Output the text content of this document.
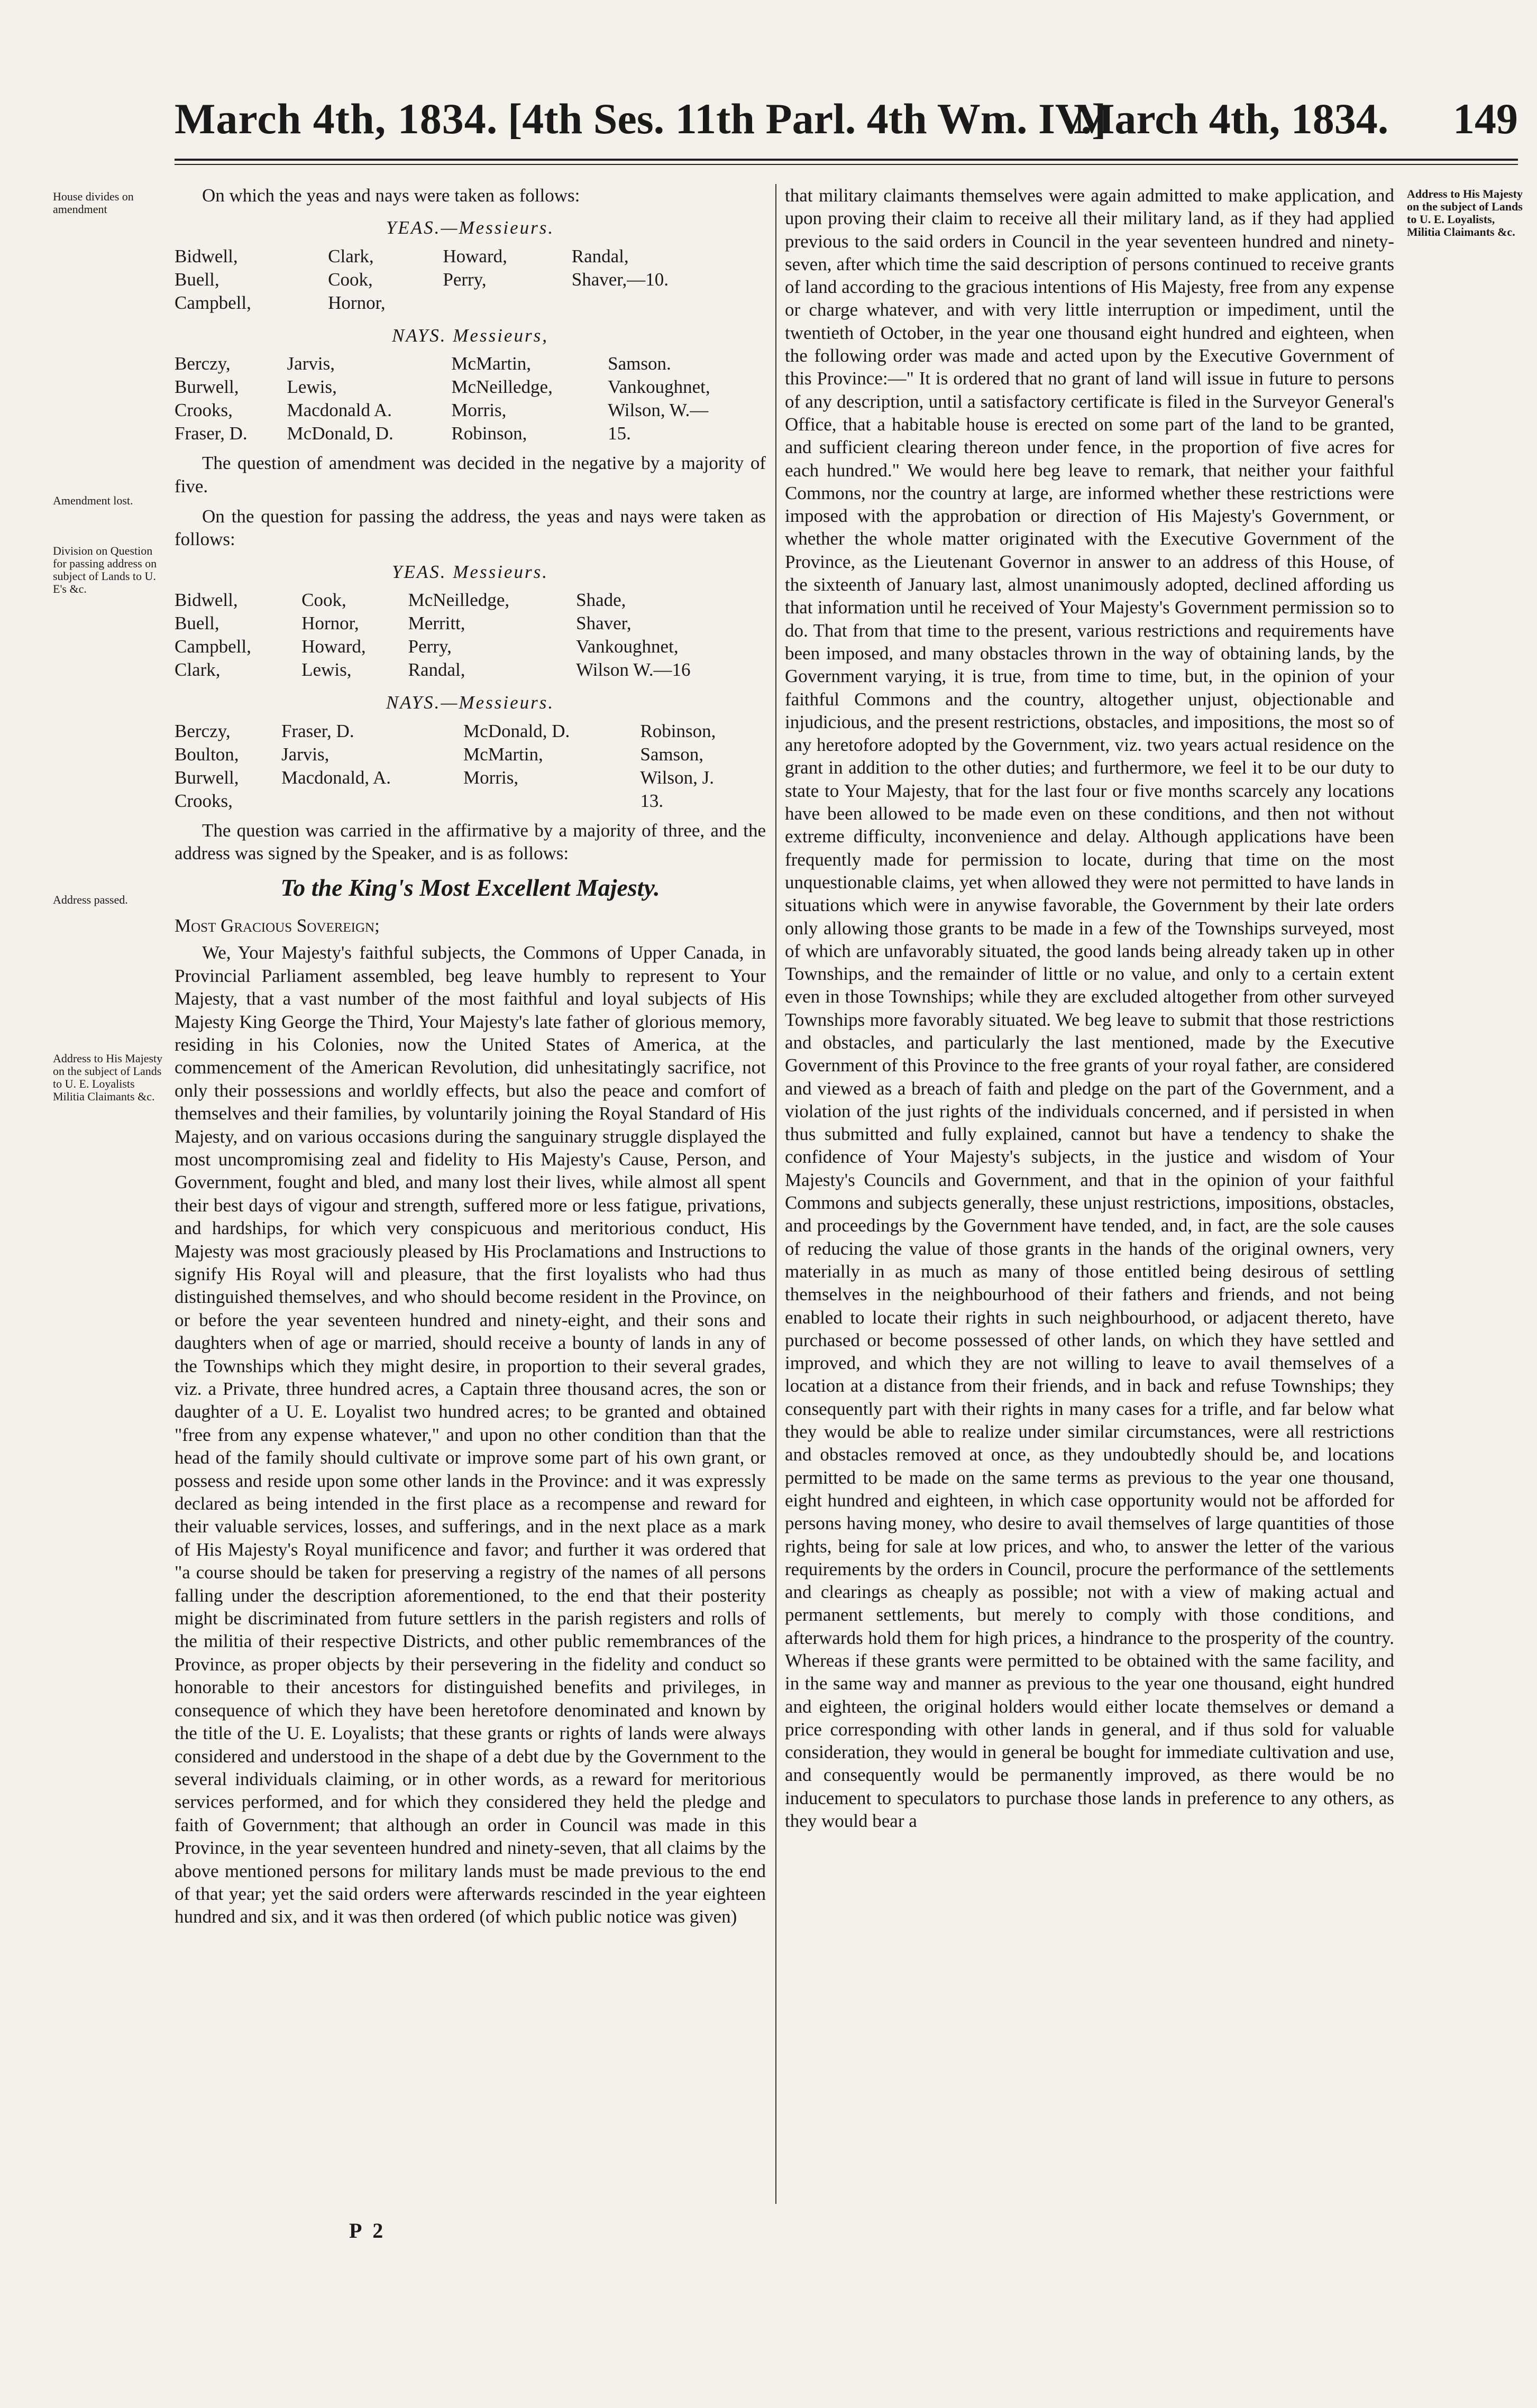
March 4th, 1834. [4th Ses. 11th Parl. 4th Wm. IV.]
March 4th, 1834. 149
House divides on amendment
Amendment lost.
Division on Question for passing address on subject of Lands to U. E's &c.
Address passed.
Address to His Majesty on the subject of Lands to U. E. Loyalists Militia Claimants &c.

On which the yeas and nays were taken as follows:

YEAS.—Messieurs.

Bidwell,	Clark,	Howard,	Randal,
Buell,	Cook,	Perry,	Shaver,—10.
Campbell,	Hornor,		

NAYS. Messieurs,

Berczy,	Jarvis,	McMartin,	Samson.
Burwell,	Lewis,	McNeilledge,	Vankoughnet,
Crooks,	Macdonald A.	Morris,	Wilson, W.—
Fraser, D.	McDonald, D.	Robinson,	15.

The question of amendment was decided in the negative by a majority of five.

On the question for passing the address, the yeas and nays were taken as follows:

YEAS. Messieurs.

Bidwell,	Cook,	McNeilledge,	Shade,
Buell,	Hornor,	Merritt,	Shaver,
Campbell,	Howard,	Perry,	Vankoughnet,
Clark,	Lewis,	Randal,	Wilson W.—16

NAYS.—Messieurs.

Berczy,	Fraser, D.	McDonald, D.	Robinson,
Boulton,	Jarvis,	McMartin,	Samson,
Burwell,	Macdonald, A.	Morris,	Wilson, J.
Crooks,			13.

The question was carried in the affirmative by a majority of three, and the address was signed by the Speaker, and is as follows:

To the King's Most Excellent Majesty.

Most Gracious Sovereign;

We, Your Majesty's faithful subjects, the Commons of Upper Canada, in Provincial Parliament assembled, beg leave humbly to represent to Your Majesty, that a vast number of the most faithful and loyal subjects of His Majesty King George the Third, Your Majesty's late father of glorious memory, residing in his Colonies, now the United States of America, at the commencement of the American Revolution, did unhesitatingly sacrifice, not only their possessions and worldly effects, but also the peace and comfort of themselves and their families, by voluntarily joining the Royal Standard of His Majesty, and on various occasions during the sanguinary struggle displayed the most uncompromising zeal and fidelity to His Majesty's Cause, Person, and Government, fought and bled, and many lost their lives, while almost all spent their best days of vigour and strength, suffered more or less fatigue, privations, and hardships, for which very conspicuous and meritorious conduct, His Majesty was most graciously pleased by His Proclamations and Instructions to signify His Royal will and pleasure, that the first loyalists who had thus distinguished themselves, and who should become resident in the Province, on or before the year seventeen hundred and ninety-eight, and their sons and daughters when of age or married, should receive a bounty of lands in any of the Townships which they might desire, in proportion to their several grades, viz. a Private, three hundred acres, a Captain three thousand acres, the son or daughter of a U. E. Loyalist two hundred acres; to be granted and obtained "free from any expense whatever," and upon no other condition than that the head of the family should cultivate or improve some part of his own grant, or possess and reside upon some other lands in the Province: and it was expressly declared as being intended in the first place as a recompense and reward for their valuable services, losses, and sufferings, and in the next place as a mark of His Majesty's Royal munificence and favor; and further it was ordered that "a course should be taken for preserving a registry of the names of all persons falling under the description aforementioned, to the end that their posterity might be discriminated from future settlers in the parish registers and rolls of the militia of their respective Districts, and other public remembrances of the Province, as proper objects by their persevering in the fidelity and conduct so honorable to their ancestors for distinguished benefits and privileges, in consequence of which they have been heretofore denominated and known by the title of the U. E. Loyalists; that these grants or rights of lands were always considered and understood in the shape of a debt due by the Government to the several individuals claiming, or in other words, as a reward for meritorious services performed, and for which they considered they held the pledge and faith of Government; that although an order in Council was made in this Province, in the year seventeen hundred and ninety-seven, that all claims by the above mentioned persons for military lands must be made previous to the end of that year; yet the said orders were afterwards rescinded in the year eighteen hundred and six, and it was then ordered (of which public notice was given)

that military claimants themselves were again admitted to make application, and upon proving their claim to receive all their military land, as if they had applied previous to the said orders in Council in the year seventeen hundred and ninety-seven, after which time the said description of persons continued to receive grants of land according to the gracious intentions of His Majesty, free from any expense or charge whatever, and with very little interruption or impediment, until the twentieth of October, in the year one thousand eight hundred and eighteen, when the following order was made and acted upon by the Executive Government of this Province:—" It is ordered that no grant of land will issue in future to persons of any description, until a satisfactory certificate is filed in the Surveyor General's Office, that a habitable house is erected on some part of the land to be granted, and sufficient clearing thereon under fence, in the proportion of five acres for each hundred." We would here beg leave to remark, that neither your faithful Commons, nor the country at large, are informed whether these restrictions were imposed with the approbation or direction of His Majesty's Government, or whether the whole matter originated with the Executive Government of the Province, as the Lieutenant Governor in answer to an address of this House, of the sixteenth of January last, almost unanimously adopted, declined affording us that information until he received of Your Majesty's Government permission so to do. That from that time to the present, various restrictions and requirements have been imposed, and many obstacles thrown in the way of obtaining lands, by the Government varying, it is true, from time to time, but, in the opinion of your faithful Commons and the country, altogether unjust, objectionable and injudicious, and the present restrictions, obstacles, and impositions, the most so of any heretofore adopted by the Government, viz. two years actual residence on the grant in addition to the other duties; and furthermore, we feel it to be our duty to state to Your Majesty, that for the last four or five months scarcely any locations have been allowed to be made even on these conditions, and then not without extreme difficulty, inconvenience and delay. Although applications have been frequently made for permission to locate, during that time on the most unquestionable claims, yet when allowed they were not permitted to have lands in situations which were in anywise favorable, the Government by their late orders only allowing those grants to be made in a few of the Townships surveyed, most of which are unfavorably situated, the good lands being already taken up in other Townships, and the remainder of little or no value, and only to a certain extent even in those Townships; while they are excluded altogether from other surveyed Townships more favorably situated. We beg leave to submit that those restrictions and obstacles, and particularly the last mentioned, made by the Executive Government of this Province to the free grants of your royal father, are considered and viewed as a breach of faith and pledge on the part of the Government, and a violation of the just rights of the individuals concerned, and if persisted in when thus submitted and fully explained, cannot but have a tendency to shake the confidence of Your Majesty's subjects, in the justice and wisdom of Your Majesty's Councils and Government, and that in the opinion of your faithful Commons and subjects generally, these unjust restrictions, impositions, obstacles, and proceedings by the Government have tended, and, in fact, are the sole causes of reducing the value of those grants in the hands of the original owners, very materially in as much as many of those entitled being desirous of settling themselves in the neighbourhood of their fathers and friends, and not being enabled to locate their rights in such neighbourhood, or adjacent thereto, have purchased or become possessed of other lands, on which they have settled and improved, and which they are not willing to leave to avail themselves of a location at a distance from their friends, and in back and refuse Townships; they consequently part with their rights in many cases for a trifle, and far below what they would be able to realize under similar circumstances, were all restrictions and obstacles removed at once, as they undoubtedly should be, and locations permitted to be made on the same terms as previous to the year one thousand, eight hundred and eighteen, in which case opportunity would not be afforded for persons having money, who desire to avail themselves of large quantities of those rights, being for sale at low prices, and who, to answer the letter of the various requirements by the orders in Council, procure the performance of the settlements and clearings as cheaply as possible; not with a view of making actual and permanent settlements, but merely to comply with those conditions, and afterwards hold them for high prices, a hindrance to the prosperity of the country. Whereas if these grants were permitted to be obtained with the same facility, and in the same way and manner as previous to the year one thousand, eight hundred and eighteen, the original holders would either locate themselves or demand a price corresponding with other lands in general, and if thus sold for valuable consideration, they would in general be bought for immediate cultivation and use, and consequently would be permanently improved, as there would be no inducement to speculators to purchase those lands in preference to any others, as they would bear a

Address to His Majesty on the subject of Lands to U. E. Loyalists, Militia Claimants &c.
P 2
